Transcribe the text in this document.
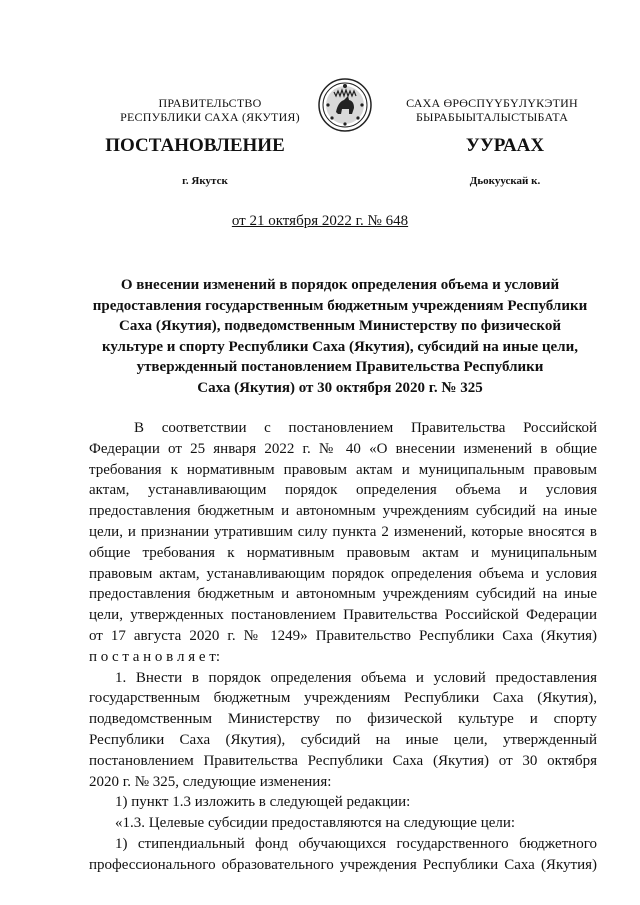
ПРАВИТЕЛЬСТВО
РЕСПУБЛИКИ САХА (ЯКУТИЯ)
САХА ӨРӨСПҮҮБҮЛҮКЭТИН
БЫРАБЫЫТАЛЫСТЫБАТА
ПОСТАНОВЛЕНИЕ	УУРААХ
г. Якутск	Дьокуускай к.
от 21 октября 2022 г. № 648
О внесении изменений в порядок определения объема и условий
предоставления государственным бюджетным учреждениям Республики
Саха (Якутия), подведомственным Министерству по физической
культуре и спорту Республики Саха (Якутия), субсидий на иные цели,
утвержденный постановлением Правительства Республики
Саха (Якутия) от 30 октября 2020 г. № 325
В соответствии с постановлением Правительства Российской
Федерации от 25 января 2022 г. № 40 «О внесении изменений в общие
требования к нормативным правовым актам и муниципальным правовым
актам, устанавливающим порядок определения объема и условия
предоставления бюджетным и автономным учреждениям субсидий на иные
цели, и признании утратившим силу пункта 2 изменений, которые вносятся в
общие требования к нормативным правовым актам и муниципальным
правовым актам, устанавливающим порядок определения объема и условия
предоставления бюджетным и автономным учреждениям субсидий на иные
цели, утвержденных постановлением Правительства Российской Федерации
от 17 августа 2020 г. № 1249» Правительство Республики Саха (Якутия)
п о с т а н о в л я е т:
1. Внести в порядок определения объема и условий предоставления
государственным бюджетным учреждениям Республики Саха (Якутия),
подведомственным Министерству по физической культуре и спорту
Республики Саха (Якутия), субсидий на иные цели, утвержденный
постановлением Правительства Республики Саха (Якутия) от 30 октября
2020 г. № 325, следующие изменения:
1) пункт 1.3 изложить в следующей редакции:
«1.3. Целевые субсидии предоставляются на следующие цели:
1) стипендиальный фонд обучающихся государственного бюджетного
профессионального образовательного учреждения Республики Саха (Якутия)
